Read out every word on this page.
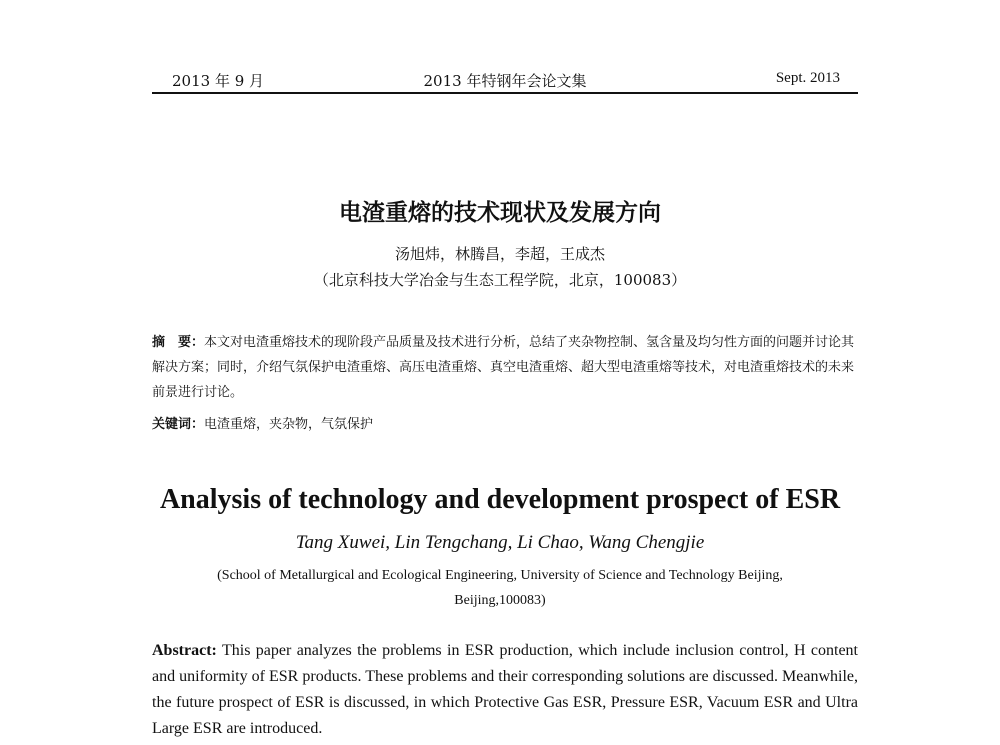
2013 年 9 月	2013 年特钢年会论文集	Sept. 2013
电渣重熔的技术现状及发展方向
汤旭炜，林腾昌，李超，王成杰
（北京科技大学冶金与生态工程学院，北京，100083）
摘　要：本文对电渣重熔技术的现阶段产品质量及技术进行分析，总结了夹杂物控制、氢含量及均匀性方面的问题并讨论其解决方案；同时，介绍气氛保护电渣重熔、高压电渣重熔、真空电渣重熔、超大型电渣重熔等技术，对电渣重熔技术的未来前景进行讨论。
关键词：电渣重熔，夹杂物，气氛保护
Analysis of technology and development prospect of ESR
Tang Xuwei, Lin Tengchang, Li Chao, Wang Chengjie
(School of Metallurgical and Ecological Engineering, University of Science and Technology Beijing, Beijing,100083)
Abstract: This paper analyzes the problems in ESR production, which include inclusion control, H content and uniformity of ESR products. These problems and their corresponding solutions are discussed. Meanwhile, the future prospect of ESR is discussed, in which Protective Gas ESR, Pressure ESR, Vacuum ESR and Ultra Large ESR are introduced.
